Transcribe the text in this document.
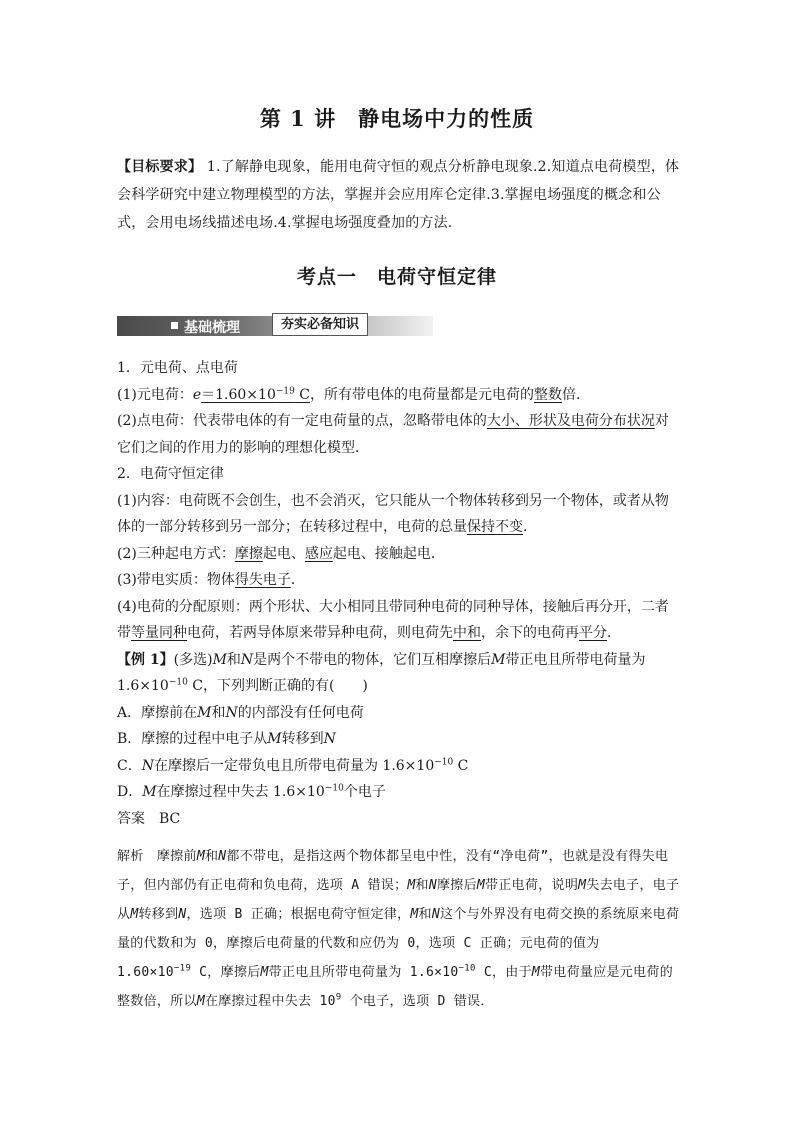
第 1 讲 静电场中力的性质
【目标要求】 1.了解静电现象，能用电荷守恒的观点分析静电现象.2.知道点电荷模型，体会科学研究中建立物理模型的方法，掌握并会应用库仑定律.3.掌握电场强度的概念和公式，会用电场线描述电场.4.掌握电场强度叠加的方法.
考点一 电荷守恒定律
基础梳理	夯实必备知识

1．元电荷、点电荷

(1)元电荷：$e=1.60\times 10^{-19}$ C，所有带电体的电荷量都是元电荷的整数倍．

(2)点电荷：代表带电体的有一定电荷量的点，忽略带电体的大小、形状及电荷分布状况对它们之间的作用力的影响的理想化模型．

2．电荷守恒定律

(1)内容：电荷既不会创生，也不会消灭，它只能从一个物体转移到另一个物体，或者从物体的一部分转移到另一部分；在转移过程中，电荷的总量保持不变．

(2)三种起电方式：摩擦起电、感应起电、接触起电．

(3)带电实质：物体得失电子．

(4)电荷的分配原则：两个形状、大小相同且带同种电荷的同种导体，接触后再分开，二者带等量同种电荷，若两导体原来带异种电荷，则电荷先中和，余下的电荷再平分．

【例 1】(多选)M和N是两个不带电的物体，它们互相摩擦后M带正电且所带电荷量为 $1.6\times 10^{-10}$ C，下列判断正确的有(　　)

A．摩擦前在M和N的内部没有任何电荷

B．摩擦的过程中电子从M转移到N

C．N在摩擦后一定带负电且所带电荷量为 $1.6\times 10^{-10}$ C

D．M在摩擦过程中失去 $1.6\times 10^{-10}$个电子

答案　 BC

解析　 摩擦前M和N都不带电，是指这两个物体都呈电中性，没有“净电荷”，也就是没有得失电子，但内部仍有正电荷和负电荷，选项 A 错误；M和N摩擦后M带正电荷，说明M失去电子，电子从M转移到N，选项 B 正确；根据电荷守恒定律，M和N这个与外界没有电荷交换的系统原来电荷量的代数和为 0，摩擦后电荷量的代数和应仍为 0，选项 C 正确；元电荷的值为 $1.60\times 10^{-19}$ C，摩擦后M带正电且所带电荷量为 $1.6\times 10^{-10}$ C，由于M带电荷量应是元电荷的整数倍，所以M在摩擦过程中失去 $10^9$ 个电子，选项 D 错误．
